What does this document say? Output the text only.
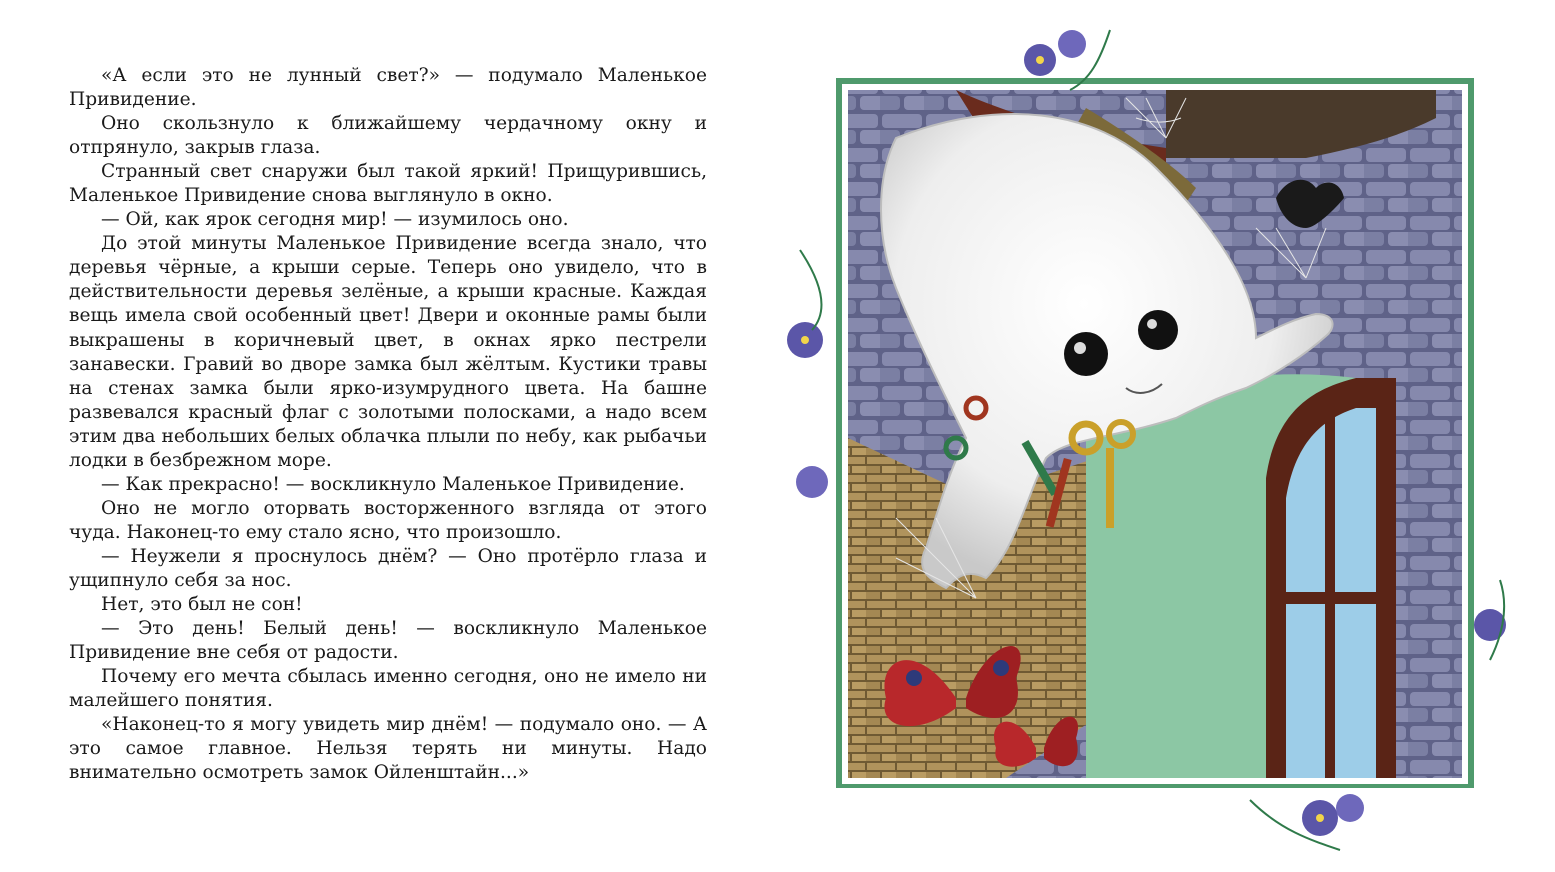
«А если это не лунный свет?» — подумало Маленькое Привидение.

Оно скользнуло к ближайшему чердачному окну и отпрянуло, закрыв глаза.

Странный свет снаружи был такой яркий! Прищурившись, Маленькое Привидение снова выглянуло в окно.

— Ой, как ярок сегодня мир! — изумилось оно.

До этой минуты Маленькое Привидение всегда знало, что деревья чёрные, а крыши серые. Теперь оно увидело, что в действительности деревья зелёные, а крыши красные. Каждая вещь имела свой особенный цвет! Двери и оконные рамы были выкрашены в коричневый цвет, в окнах ярко пестрели занавески. Гравий во дворе замка был жёлтым. Кустики травы на стенах замка были ярко-изумрудного цвета. На башне развевался красный флаг с золотыми полосками, а надо всем этим два небольших белых облачка плыли по небу, как рыбачьи лодки в безбрежном море.

— Как прекрасно! — воскликнуло Маленькое Привидение.

Оно не могло оторвать восторженного взгляда от этого чуда. Наконец-то ему стало ясно, что произошло.

— Неужели я проснулось днём? — Оно протёрло глаза и ущипнуло себя за нос.

Нет, это был не сон!

— Это день! Белый день! — воскликнуло Маленькое Привидение вне себя от радости.

Почему его мечта сбылась именно сегодня, оно не имело ни малейшего понятия.

«Наконец-то я могу увидеть мир днём! — подумало оно. — А это самое главное. Нельзя терять ни минуты. Надо внимательно осмотреть замок Ойленштайн...»
